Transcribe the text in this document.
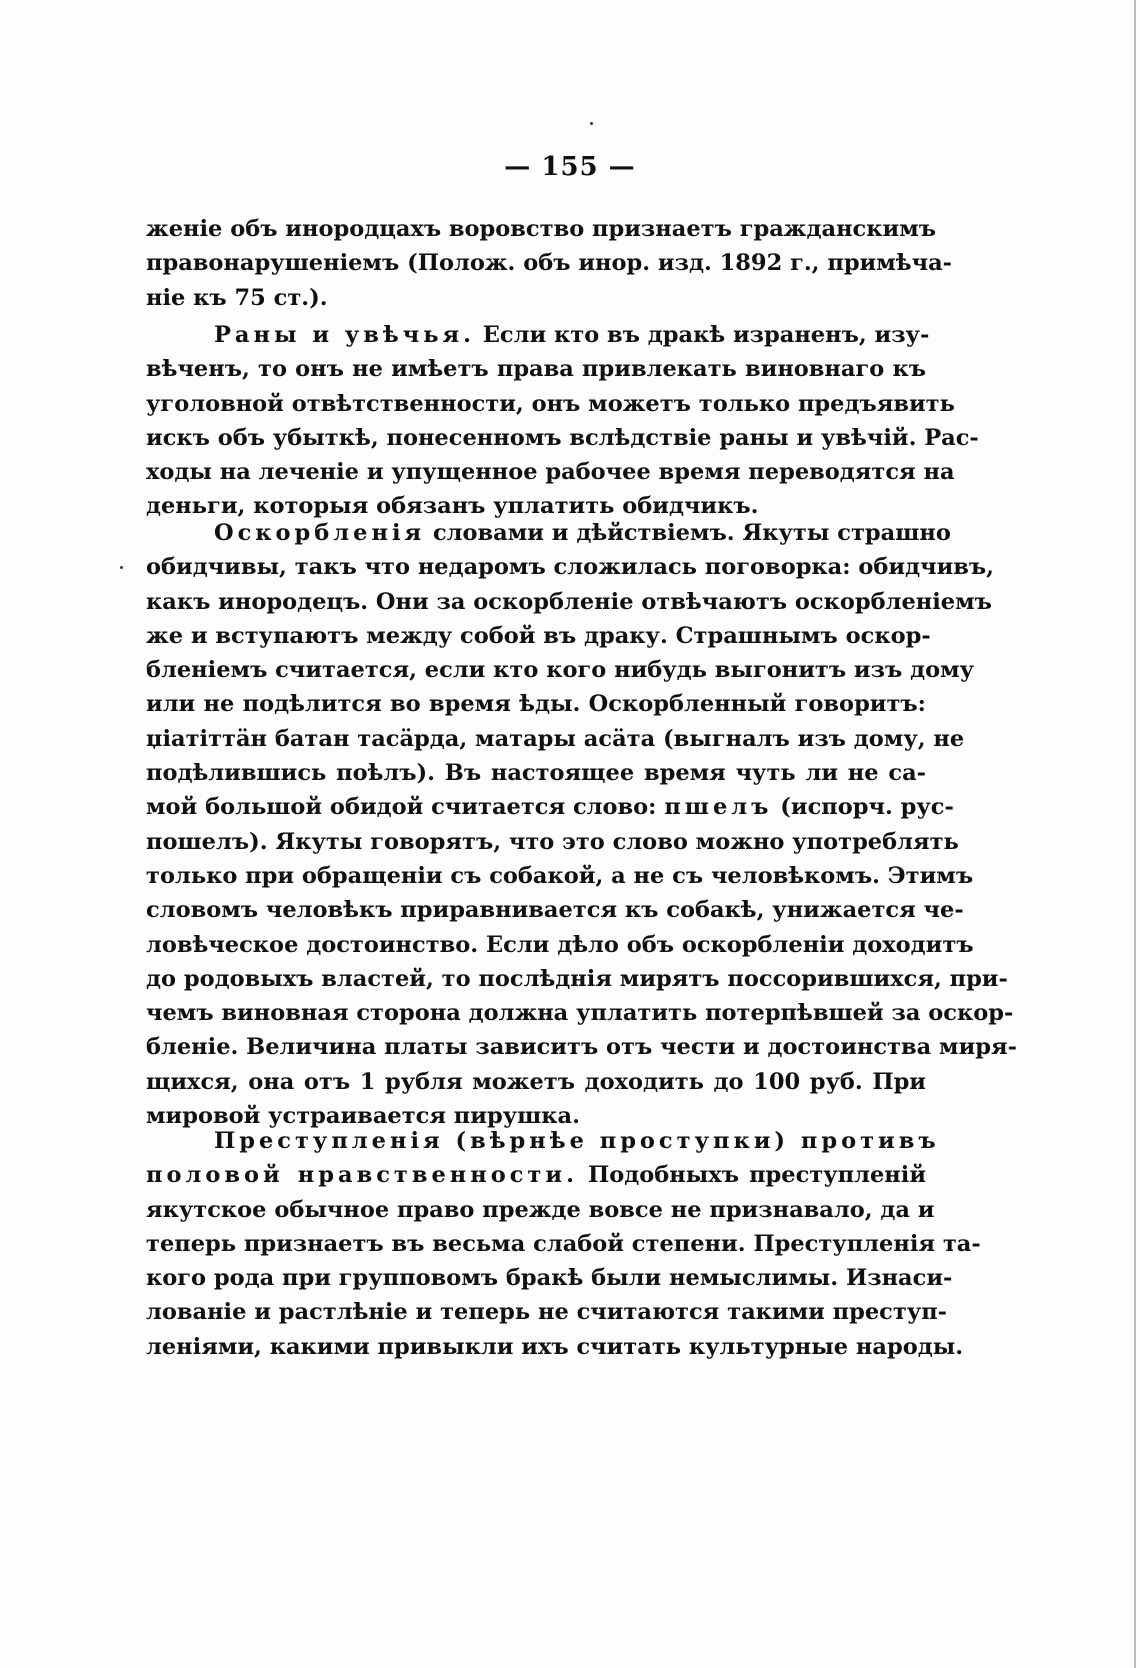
— 155 —
женіе объ инородцахъ воровство признаетъ гражданскимъ
правонарушеніемъ (Полож. объ инор. изд. 1892 г., примѣча-
ніе къ 75 ст.).
Раны и увѣчья. Если кто въ дракѣ израненъ, изу-
вѣченъ, то онъ не имѣетъ права привлекать виновнаго къ
уголовной отвѣтственности, онъ можетъ только предъявить
искъ объ убыткѣ, понесенномъ вслѣдствіе раны и увѣчій. Рас-
ходы на леченіе и упущенное рабочее время переводятся на
деньги, которыя обязанъ уплатить обидчикъ.
Оскорбленія словами и дѣйствіемъ. Якуты страшно
обидчивы, такъ что недаромъ сложилась поговорка: обидчивъ,
какъ инородецъ. Они за оскорбленіе отвѣчаютъ оскорбленіемъ
же и вступаютъ между собой въ драку. Страшнымъ оскор-
бленіемъ считается, если кто кого нибудь выгонитъ изъ дому
или не подѣлится во время ѣды. Оскорбленный говоритъ:
џіатіттäн батан тасäрда, матары асäта (выгналъ изъ дому, не
подѣлившись поѣлъ). Въ настоящее время чуть ли не са-
мой большой обидой считается слово: пшелъ (испорч. рус-
пошелъ). Якуты говорятъ, что это слово можно употреблять
только при обращеніи съ собакой, а не съ человѣкомъ. Этимъ
словомъ человѣкъ приравнивается къ собакѣ, унижается че-
ловѣческое достоинство. Если дѣло объ оскорбленіи доходитъ
до родовыхъ властей, то послѣднія мирятъ поссорившихся, при-
чемъ виновная сторона должна уплатить потерпѣвшей за оскор-
бленіе. Величина платы зависитъ отъ чести и достоинства миря-
щихся, она отъ 1 рубля можетъ доходить до 100 руб. При
мировой устраивается пирушка.
Преступленія (вѣрнѣе проступки) противъ
половой нравственности. Подобныхъ преступленій
якутское обычное право прежде вовсе не признавало, да и
теперь признаетъ въ весьма слабой степени. Преступленія та-
кого рода при групповомъ бракѣ были немыслимы. Изнаси-
лованіе и растлѣніе и теперь не считаются такими преступ-
леніями, какими привыкли ихъ считать культурные народы.
